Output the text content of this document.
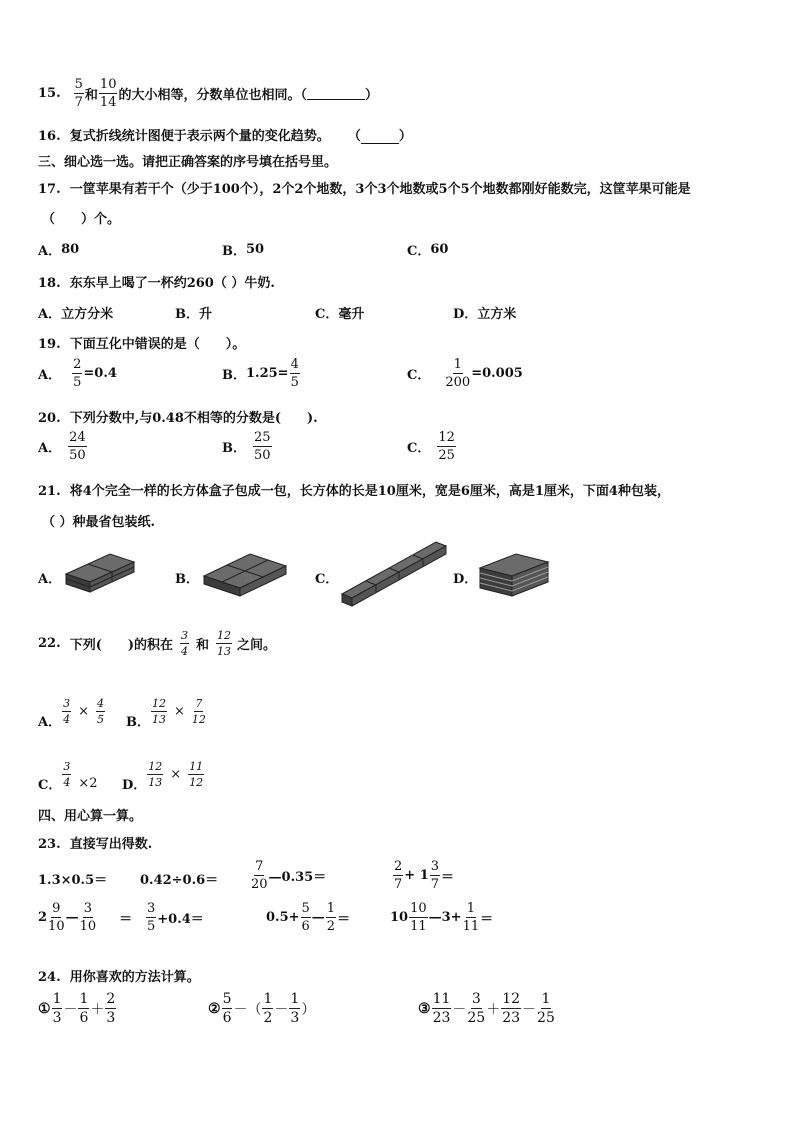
15. $\frac{5}{7}$ 和 $\frac{10}{14}$ 的大小相等，分数单位也相同。（	）
16. 复式折线统计图便于表示两个量的变化趋势。 （	）
三、细心选一选。请把正确答案的序号填在括号里。
17. 一筐苹果有若干个（少于100个），2个2个地数，3个3个地数或5个5个地数都刚好能数完，这筐苹果可能是
（　　）个。
A． 80	B． 50	C． 60
18. 东东早上喝了一杯约260（ ）牛奶.
A． 立方分米	B． 升	C． 毫升	D． 立方米
19. 下面互化中错误的是（　　）。
A． $\frac{2}{5} =0.4$	B． $1.25= \frac{4}{5}$	C． $\frac{1}{200} =0.005$
20. 下列分数中,与0.48不相等的分数是(　　).
A． $\frac{24}{50}$	B． $\frac{25}{50}$	C． $\frac{12}{25}$
21. 将4个完全一样的长方体盒子包成一包，长方体的长是10厘米，宽是6厘米，高是1厘米，下面4种包装，
（ ）种最省包装纸.
A．	B．	C．	D．
22.
下列(　　)的积在 $\frac{3}{4}$ 和 $\frac{12}{13}$ 之间。
A． $\frac{3}{4} \times \frac{4}{5}$ B． $\frac{12}{13} \times \frac{7}{12}$
C． $\frac{3}{4} \times 2$ D． $\frac{12}{13} \times \frac{11}{12}$
四、用心算一算。
23. 直接写出得数.
1.3×0.5＝	0.42÷0.6＝	$\frac{7}{20}$ —0.35＝	$\frac{2}{7} + 1 \frac{3}{7}$ ＝
$2 \frac{9}{10}$ — $\frac{3}{10} = \frac{3}{5} +0.4=$	$0.5+ \frac{5}{6}$ — $\frac{1}{2}$ ＝	$10 \frac{10}{11}$ —3+ $\frac{1}{11}$ ＝
24. 用你喜欢的方法计算。
① $\frac{1}{3} - \frac{1}{6} + \frac{2}{3}$	② $\frac{5}{6}$ －（ $\frac{1}{2} - \frac{1}{3}$ ）	③ $\frac{11}{23} - \frac{3}{25} + \frac{12}{23} - \frac{1}{25}$
